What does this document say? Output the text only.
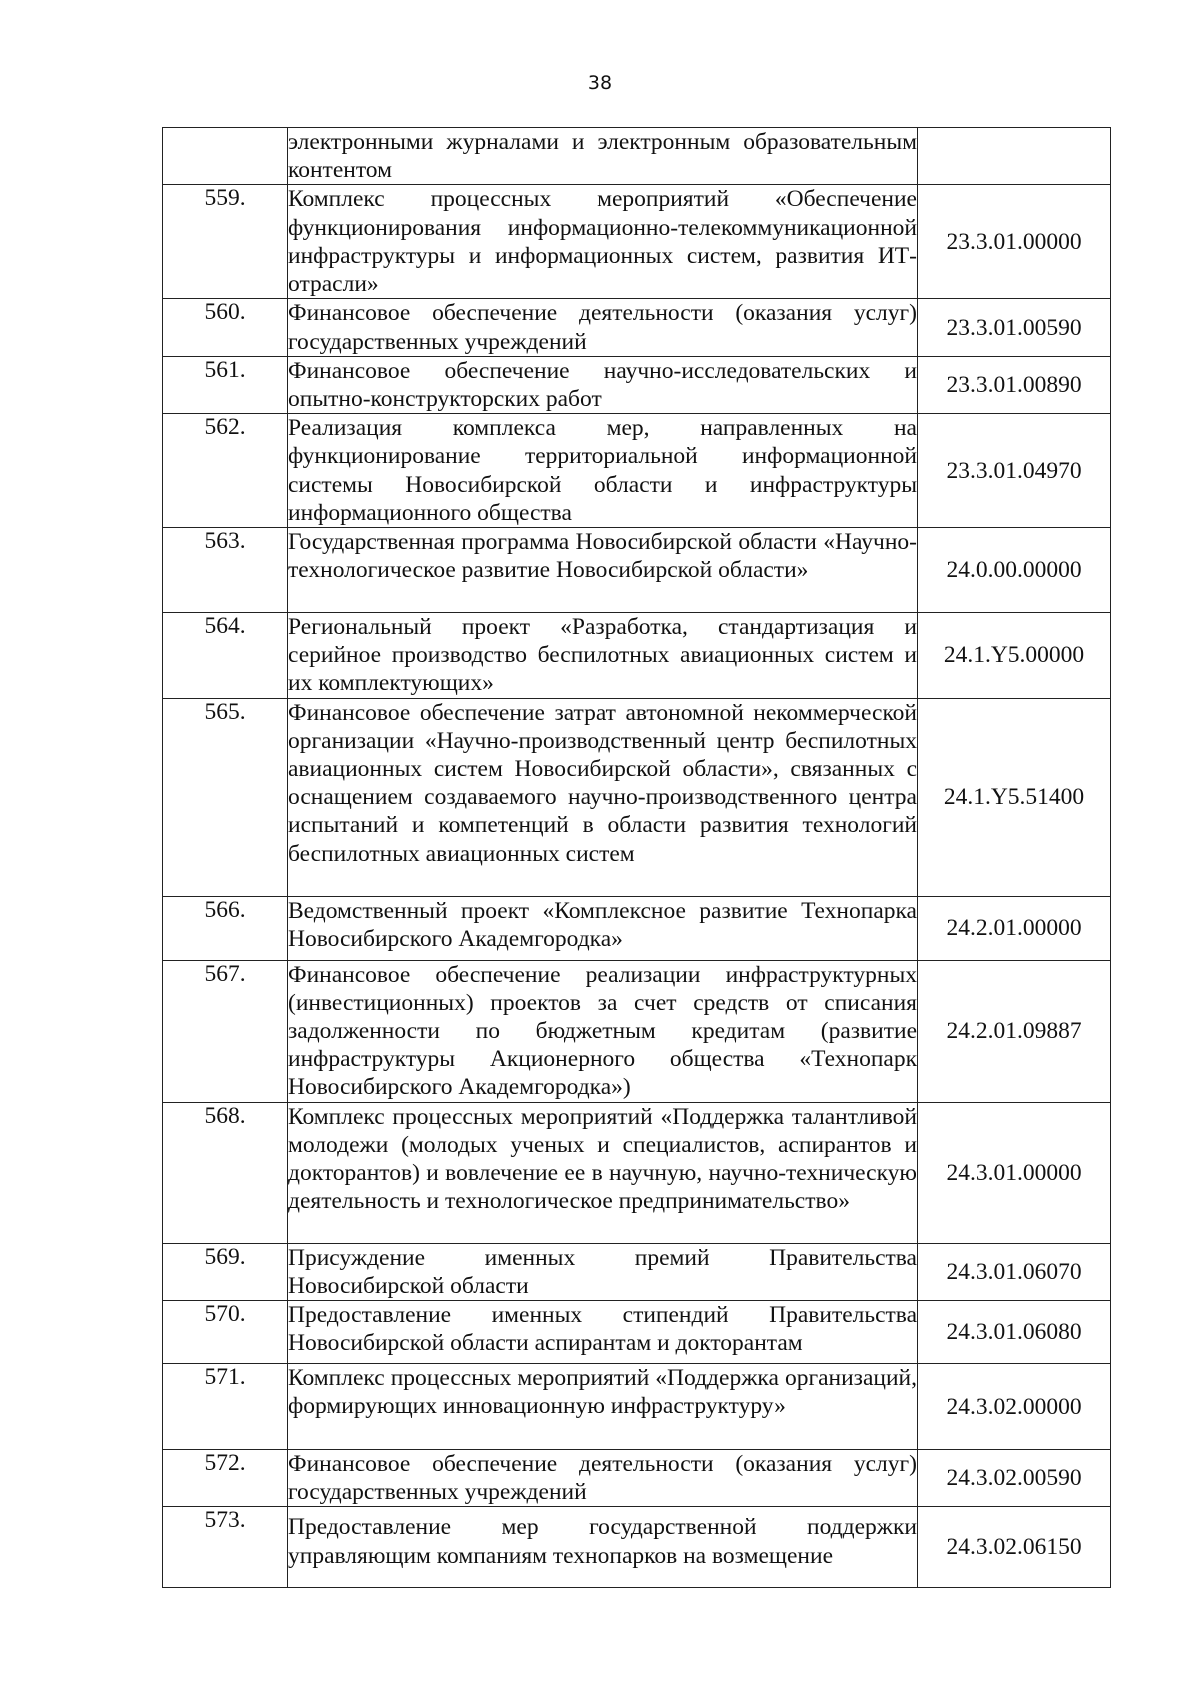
38

	электронными журналами и электронным образовательным контентом	

559.	Комплекс процессных мероприятий «Обеспечение функционирования информационно-телекоммуникационной инфраструктуры и информационных систем, развития ИТ-отрасли»	23.3.01.00000
560.	Финансовое обеспечение деятельности (оказания услуг) государственных учреждений	23.3.01.00590
561.	Финансовое обеспечение научно-исследовательских и опытно-конструкторских работ	23.3.01.00890
562.	Реализация комплекса мер, направленных на функционирование территориальной информационной системы Новосибирской области и инфраструктуры информационного общества	23.3.01.04970
563.	Государственная программа Новосибирской области «Научно-технологическое развитие Новосибирской области»	24.0.00.00000
564.	Региональный проект «Разработка, стандартизация и серийное производство беспилотных авиационных систем и их комплектующих»	24.1.Y5.00000
565.	Финансовое обеспечение затрат автономной некоммерческой организации «Научно-производственный центр беспилотных авиационных систем Новосибирской области», связанных с оснащением создаваемого научно-производственного центра испытаний и компетенций в области развития технологий беспилотных авиационных систем	24.1.Y5.51400
566.	Ведомственный проект «Комплексное развитие Технопарка Новосибирского Академгородка»	24.2.01.00000
567.	Финансовое обеспечение реализации инфраструктурных (инвестиционных) проектов за счет средств от списания задолженности по бюджетным кредитам (развитие инфраструктуры Акционерного общества «Технопарк Новосибирского Академгородка»)	24.2.01.09887
568.	Комплекс процессных мероприятий «Поддержка талантливой молодежи (молодых ученых и специалистов, аспирантов и докторантов) и вовлечение ее в научную, научно-техническую деятельность и технологическое предпринимательство»	24.3.01.00000
569.	Присуждение именных премий Правительства Новосибирской области	24.3.01.06070
570.	Предоставление именных стипендий Правительства Новосибирской области аспирантам и докторантам	24.3.01.06080
571.	Комплекс процессных мероприятий «Поддержка организаций, формирующих инновационную инфраструктуру»	24.3.02.00000
572.	Финансовое обеспечение деятельности (оказания услуг) государственных учреждений	24.3.02.00590
573.	Предоставление мер государственной поддержки управляющим компаниям технопарков на возмещение	24.3.02.06150
